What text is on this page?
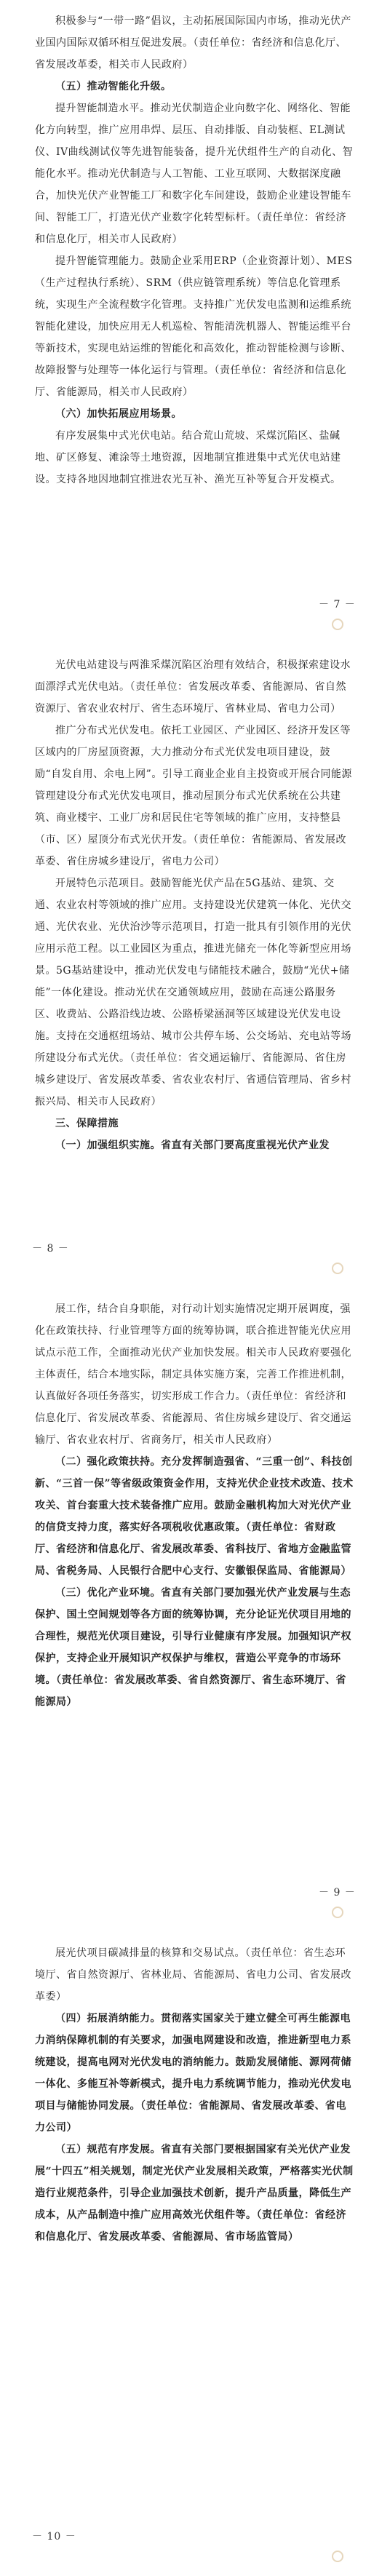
积极参与“一带一路”倡议，主动拓展国际国内市场，推动光伏产业国内国际双循环相互促进发展。（责任单位：省经济和信息化厅、省发展改革委，相关市人民政府）

（五）推动智能化升级。

提升智能制造水平。推动光伏制造企业向数字化、网络化、智能化方向转型，推广应用串焊、层压、自动排版、自动装框、EL测试仪、IV曲线测试仪等先进智能装备，提升光伏组件生产的自动化、智能化水平。推动光伏制造与人工智能、工业互联网、大数据深度融合，加快光伏产业智能工厂和数字化车间建设，鼓励企业建设智能车间、智能工厂，打造光伏产业数字化转型标杆。（责任单位：省经济和信息化厅，相关市人民政府）

提升智能管理能力。鼓励企业采用ERP（企业资源计划）、MES（生产过程执行系统）、SRM（供应链管理系统）等信息化管理系统，实现生产全流程数字化管理。支持推广光伏发电监测和运维系统智能化建设，加快应用无人机巡检、智能清洗机器人、智能运维平台等新技术，实现电站运维的智能化和高效化，推动智能检测与诊断、故障报警与处理等一体化运行与管理。（责任单位：省经济和信息化厅、省能源局，相关市人民政府）

（六）加快拓展应用场景。

有序发展集中式光伏电站。结合荒山荒坡、采煤沉陷区、盐碱地、矿区修复、滩涂等土地资源，因地制宜推进集中式光伏电站建设。支持各地因地制宜推进农光互补、渔光互补等复合开发模式。

－ 7 －

光伏电站建设与两淮采煤沉陷区治理有效结合，积极探索建设水面漂浮式光伏电站。（责任单位：省发展改革委、省能源局、省自然资源厅、省农业农村厅、省生态环境厅、省林业局、省电力公司）

推广分布式光伏发电。依托工业园区、产业园区、经济开发区等区域内的厂房屋顶资源，大力推动分布式光伏发电项目建设，鼓励“自发自用、余电上网”。引导工商业企业自主投资或开展合同能源管理建设分布式光伏发电项目，推动屋顶分布式光伏系统在公共建筑、商业楼宇、工业厂房和居民住宅等领域的推广应用，支持整县（市、区）屋顶分布式光伏开发。（责任单位：省能源局、省发展改革委、省住房城乡建设厅，省电力公司）

开展特色示范项目。鼓励智能光伏产品在5G基站、建筑、交通、农业农村等领域的推广应用。支持建设光伏建筑一体化、光伏交通、光伏农业、光伏治沙等示范项目，打造一批具有引领作用的光伏应用示范工程。以工业园区为重点，推进光储充一体化等新型应用场景。5G基站建设中，推动光伏发电与储能技术融合，鼓励“光伏+储能”一体化建设。推动光伏在交通领域应用，鼓励在高速公路服务区、收费站、公路沿线边坡、公路桥梁涵洞等区域建设光伏发电设施。支持在交通枢纽场站、城市公共停车场、公交场站、充电站等场所建设分布式光伏。（责任单位：省交通运输厅、省能源局、省住房城乡建设厅、省发展改革委、省农业农村厅、省通信管理局、省乡村振兴局、相关市人民政府）

三、保障措施

（一）加强组织实施。省直有关部门要高度重视光伏产业发

－ 8 －

展工作，结合自身职能，对行动计划实施情况定期开展调度，强化在政策扶持、行业管理等方面的统筹协调，联合推进智能光伏应用试点示范工作，全面推动光伏产业加快发展。相关市人民政府要强化主体责任，结合本地实际，制定具体实施方案，完善工作推进机制，认真做好各项任务落实，切实形成工作合力。（责任单位：省经济和信息化厅、省发展改革委、省能源局、省住房城乡建设厅、省交通运输厅、省农业农村厅、省商务厅，相关市人民政府）

（二）强化政策扶持。充分发挥制造强省、“三重一创”、科技创新、“三首一保”等省级政策资金作用，支持光伏企业技术改造、技术攻关、首台套重大技术装备推广应用。鼓励金融机构加大对光伏产业的信贷支持力度，落实好各项税收优惠政策。（责任单位：省财政厅、省经济和信息化厅、省发展改革委、省科技厅、省地方金融监管局、省税务局、人民银行合肥中心支行、安徽银保监局、省能源局）

（三）优化产业环境。省直有关部门要加强光伏产业发展与生态保护、国土空间规划等各方面的统筹协调，充分论证光伏项目用地的合理性，规范光伏项目建设，引导行业健康有序发展。加强知识产权保护，支持企业开展知识产权保护与维权，营造公平竞争的市场环境。（责任单位：省发展改革委、省自然资源厅、省生态环境厅、省能源局）

－ 9 －

展光伏项目碳减排量的核算和交易试点。（责任单位：省生态环境厅、省自然资源厅、省林业局、省能源局、省电力公司、省发展改革委）

（四）拓展消纳能力。贯彻落实国家关于建立健全可再生能源电力消纳保障机制的有关要求，加强电网建设和改造，推进新型电力系统建设，提高电网对光伏发电的消纳能力。鼓励发展储能、源网荷储一体化、多能互补等新模式，提升电力系统调节能力，推动光伏发电项目与储能协同发展。（责任单位：省能源局、省发展改革委、省电力公司）

（五）规范有序发展。省直有关部门要根据国家有关光伏产业发展“十四五”相关规划，制定光伏产业发展相关政策，严格落实光伏制造行业规范条件，引导企业加强技术创新，提升产品质量，降低生产成本，从产品制造中推广应用高效光伏组件等。（责任单位：省经济和信息化厅、省发展改革委、省能源局、省市场监管局）

－ 10 －
